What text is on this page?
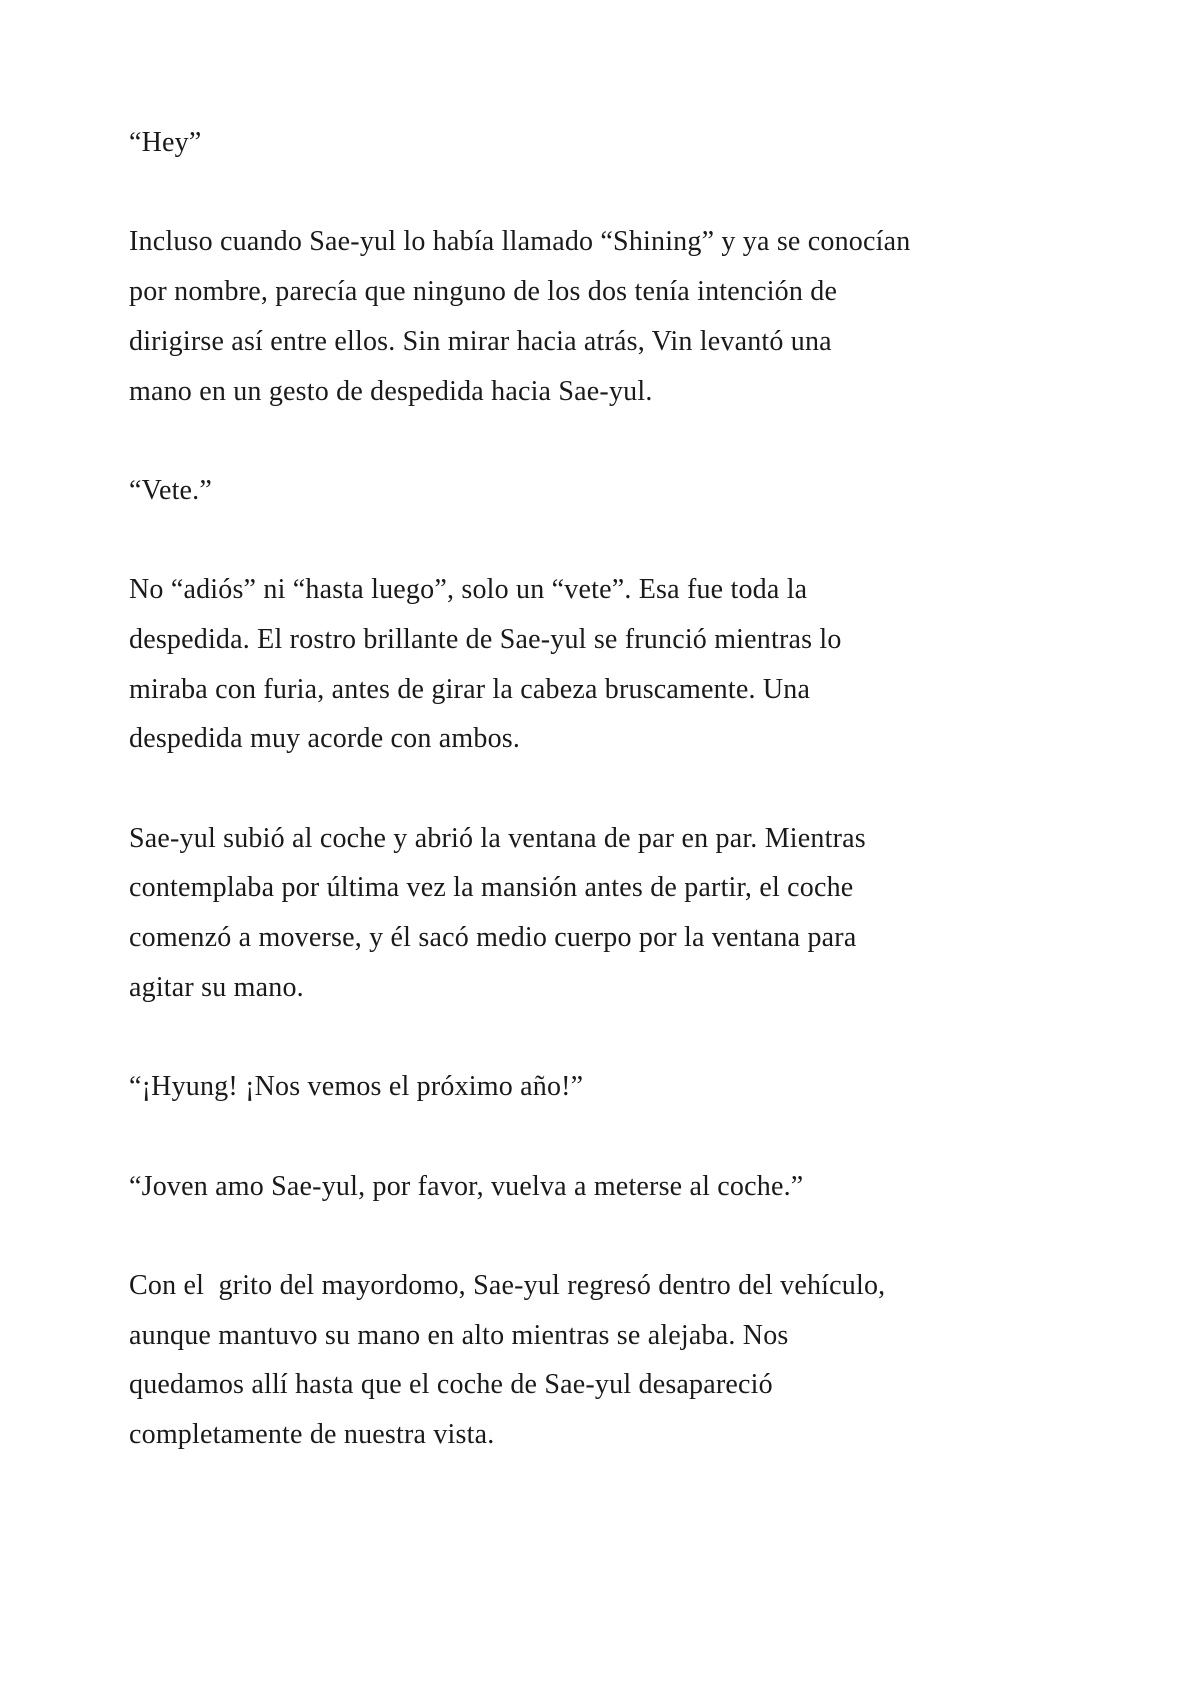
“Hey”

Incluso cuando Sae-yul lo había llamado “Shining” y ya se conocían
por nombre, parecía que ninguno de los dos tenía intención de
dirigirse así entre ellos. Sin mirar hacia atrás, Vin levantó una
mano en un gesto de despedida hacia Sae-yul.

“Vete.”

No “adiós” ni “hasta luego”, solo un “vete”. Esa fue toda la
despedida. El rostro brillante de Sae-yul se frunció mientras lo
miraba con furia, antes de girar la cabeza bruscamente. Una
despedida muy acorde con ambos.

Sae-yul subió al coche y abrió la ventana de par en par. Mientras
contemplaba por última vez la mansión antes de partir, el coche
comenzó a moverse, y él sacó medio cuerpo por la ventana para
agitar su mano.

“¡Hyung! ¡Nos vemos el próximo año!”

“Joven amo Sae-yul, por favor, vuelva a meterse al coche.”

Con el  grito del mayordomo, Sae-yul regresó dentro del vehículo,
aunque mantuvo su mano en alto mientras se alejaba. Nos
quedamos allí hasta que el coche de Sae-yul desapareció
completamente de nuestra vista.
